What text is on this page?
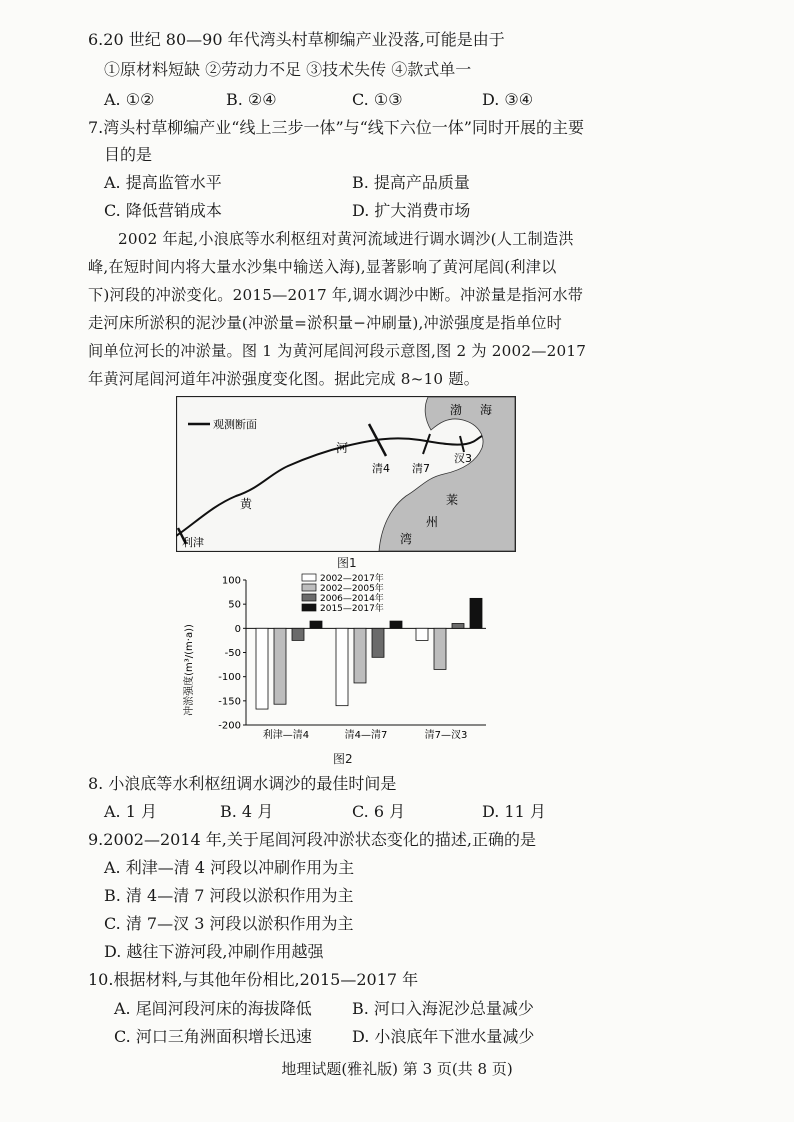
6.20 世纪 80—90 年代湾头村草柳编产业没落,可能是由于
①原材料短缺 ②劳动力不足 ③技术失传 ④款式单一
A. ①②	B. ②④	C. ①③	D. ③④
7.湾头村草柳编产业“线上三步一体”与“线下六位一体”同时开展的主要
目的是
A. 提高监管水平	B. 提高产品质量
C. 降低营销成本	D. 扩大消费市场
2002 年起,小浪底等水利枢纽对黄河流域进行调水调沙(人工制造洪
峰,在短时间内将大量水沙集中输送入海),显著影响了黄河尾闾(利津以
下)河段的冲淤变化。2015—2017 年,调水调沙中断。冲淤量是指河水带
走河床所淤积的泥沙量(冲淤量=淤积量−冲刷量),冲淤强度是指单位时
间单位河长的冲淤量。图 1 为黄河尾闾河段示意图,图 2 为 2002—2017
年黄河尾闾河道年冲淤强度变化图。据此完成 8~10 题。
观测断面
渤 海
莱
州
湾
河
黄
利津
清4 清7
汊3
图1
2002—2017年
2002—2005年
2006—2014年
2015—2017年
100
50
0
-50
-100
-150
-200
利津—清4	清4—清7	清7—汊3
冲淤强度(m³/(m·a))
图2
8. 小浪底等水利枢纽调水调沙的最佳时间是
A. 1 月	B. 4 月	C. 6 月	D. 11 月
9.2002—2014 年,关于尾闾河段冲淤状态变化的描述,正确的是
A. 利津—清 4 河段以冲刷作用为主
B. 清 4—清 7 河段以淤积作用为主
C. 清 7—汊 3 河段以淤积作用为主
D. 越往下游河段,冲刷作用越强
10.根据材料,与其他年份相比,2015—2017 年
A. 尾闾河段河床的海拔降低	B. 河口入海泥沙总量减少
C. 河口三角洲面积增长迅速	D. 小浪底年下泄水量减少
地理试题(雅礼版) 第 3 页(共 8 页)
